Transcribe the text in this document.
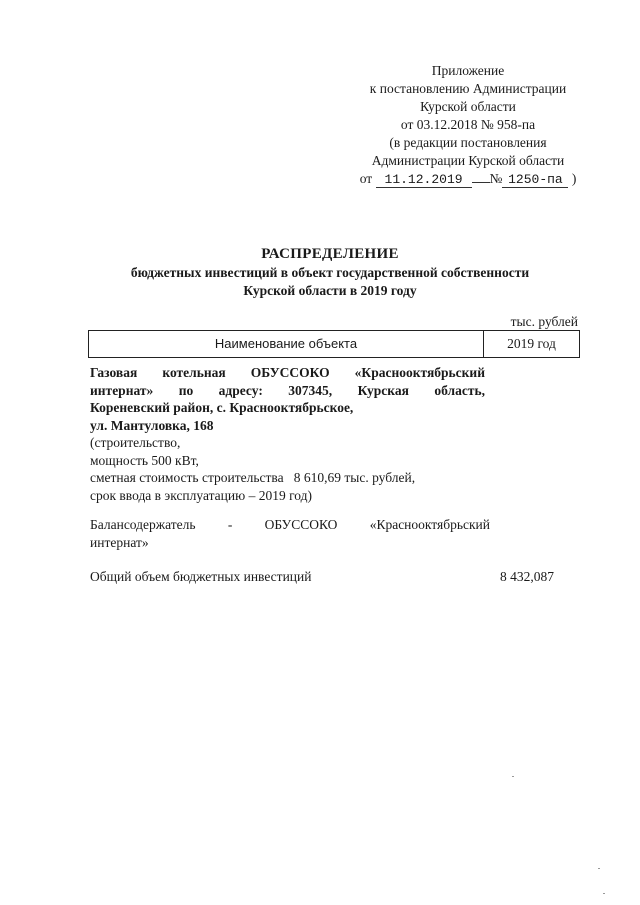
Приложение
к постановлению Администрации
Курской области
от 03.12.2018 № 958-па
(в редакции постановления
Администрации Курской области
от 11.12.2019 № 1250-па )
РАСПРЕДЕЛЕНИЕ
бюджетных инвестиций в объект государственной собственности
Курской области в 2019 году
тыс. рублей
Наименование объекта	2019 год
Газовая котельная ОБУССОКО «Краснооктябрьский
интернат» по адресу: 307345, Курская область,
Кореневский район, с. Краснооктябрьское,
ул. Мантуловка, 168
(строительство,
мощность 500 кВт,
сметная стоимость строительства   8 610,69 тыс. рублей,
срок ввода в эксплуатацию – 2019 год)
Балансодержатель - ОБУССОКО «Краснооктябрьский
интернат»
Общий объем бюджетных инвестиций	8 432,087
